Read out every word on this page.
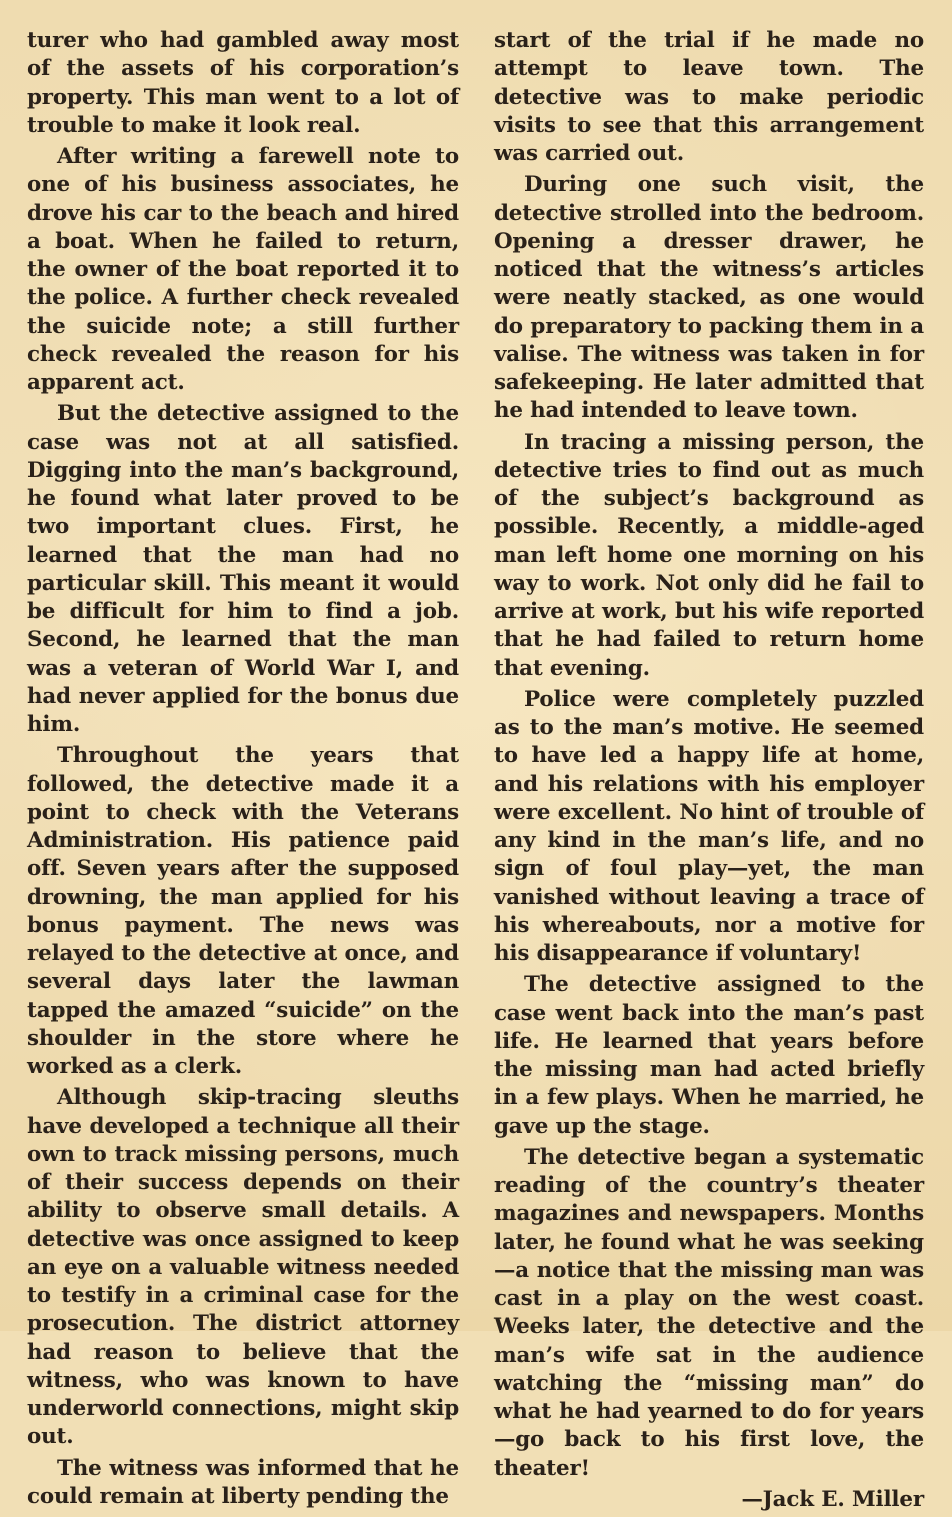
turer who had gambled away most of the assets of his corporation’s property. This man went to a lot of trouble to make it look real.

After writing a farewell note to one of his business associates, he drove his car to the beach and hired a boat. When he failed to return, the owner of the boat reported it to the police. A further check revealed the suicide note; a still further check revealed the reason for his apparent act.

But the detective assigned to the case was not at all satisfied. Digging into the man’s background, he found what later proved to be two important clues. First, he learned that the man had no particular skill. This meant it would be difficult for him to find a job. Second, he learned that the man was a veteran of World War I, and had never applied for the bonus due him.

Throughout the years that followed, the detective made it a point to check with the Veterans Administration. His patience paid off. Seven years after the supposed drowning, the man applied for his bonus payment. The news was relayed to the detective at once, and several days later the lawman tapped the amazed “suicide” on the shoulder in the store where he worked as a clerk.

Although skip-tracing sleuths have developed a technique all their own to track missing persons, much of their success depends on their ability to observe small details. A detective was once assigned to keep an eye on a valuable witness needed to testify in a criminal case for the prosecution. The district attorney had reason to believe that the witness, who was known to have underworld connections, might skip out.

The witness was informed that he could remain at liberty pending the

start of the trial if he made no attempt to leave town. The detective was to make periodic visits to see that this arrangement was carried out.

During one such visit, the detective strolled into the bedroom. Opening a dresser drawer, he noticed that the witness’s articles were neatly stacked, as one would do preparatory to packing them in a valise. The witness was taken in for safekeeping. He later admitted that he had intended to leave town.

In tracing a missing person, the detective tries to find out as much of the subject’s background as possible. Recently, a middle-aged man left home one morning on his way to work. Not only did he fail to arrive at work, but his wife reported that he had failed to return home that evening.

Police were completely puzzled as to the man’s motive. He seemed to have led a happy life at home, and his relations with his employer were excellent. No hint of trouble of any kind in the man’s life, and no sign of foul play—yet, the man vanished without leaving a trace of his whereabouts, nor a motive for his disappearance if voluntary!

The detective assigned to the case went back into the man’s past life. He learned that years before the missing man had acted briefly in a few plays. When he married, he gave up the stage.

The detective began a systematic reading of the country’s theater magazines and newspapers. Months later, he found what he was seeking—a notice that the missing man was cast in a play on the west coast. Weeks later, the detective and the man’s wife sat in the audience watching the “missing man” do what he had yearned to do for years—go back to his first love, the theater!

—Jack E. Miller
